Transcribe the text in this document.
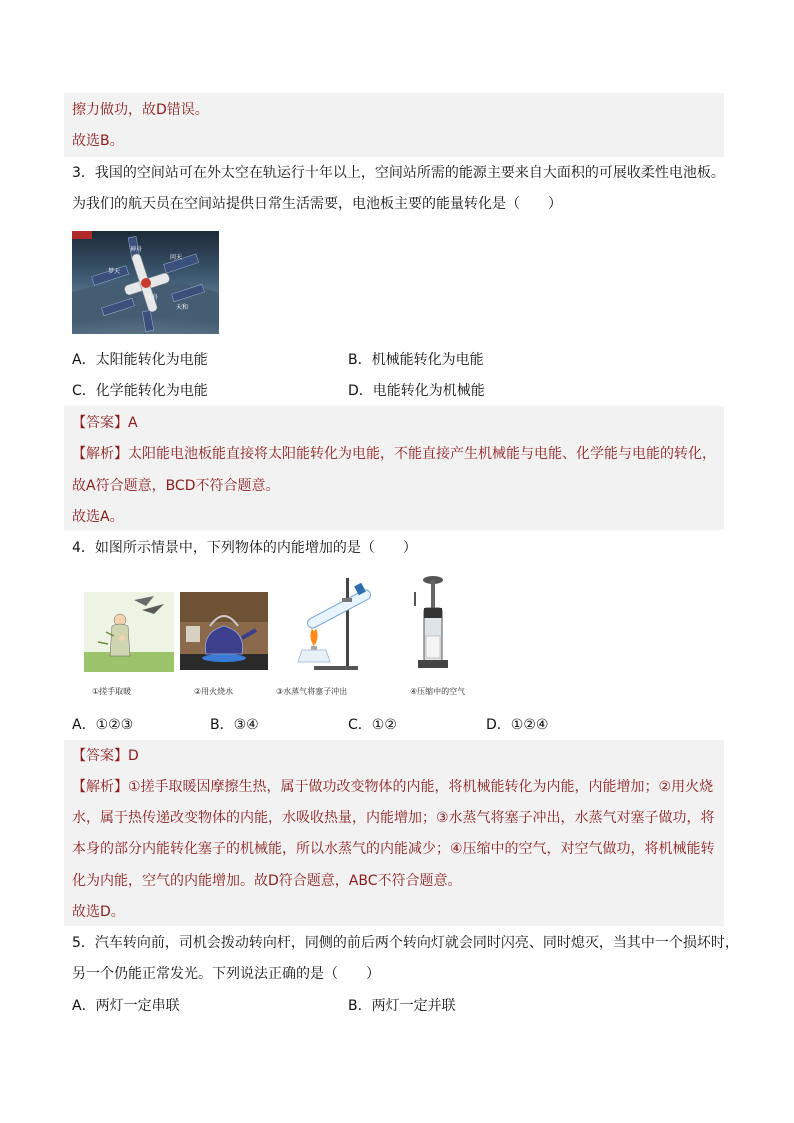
擦力做功，故D错误。
故选B。
3．我国的空间站可在外太空在轨运行十年以上，空间站所需的能源主要来自大面积的可展收柔性电池板。
为我们的航天员在空间站提供日常生活需要，电池板主要的能量转化是（　　）
神舟
问天
梦天
天舟
天和
A．太阳能转化为电能	B．机械能转化为电能
C．化学能转化为电能	D．电能转化为机械能
【答案】A
【解析】太阳能电池板能直接将太阳能转化为电能，不能直接产生机械能与电能、化学能与电能的转化，
故A符合题意，BCD不符合题意。
故选A。
4．如图所示情景中，下列物体的内能增加的是（　　）
①搓手取暖	②用火烧水	③水蒸气将塞子冲出	④压缩中的空气
A．①②③	B．③④	C．①②	D．①②④
【答案】D
【解析】①搓手取暖因摩擦生热，属于做功改变物体的内能，将机械能转化为内能，内能增加；②用火烧
水，属于热传递改变物体的内能，水吸收热量，内能增加；③水蒸气将塞子冲出，水蒸气对塞子做功，将
本身的部分内能转化塞子的机械能，所以水蒸气的内能减少；④压缩中的空气，对空气做功，将机械能转
化为内能，空气的内能增加。故D符合题意，ABC不符合题意。
故选D。
5．汽车转向前，司机会拨动转向杆，同侧的前后两个转向灯就会同时闪亮、同时熄灭，当其中一个损坏时，
另一个仍能正常发光。下列说法正确的是（　　）
A．两灯一定串联	B．两灯一定并联
